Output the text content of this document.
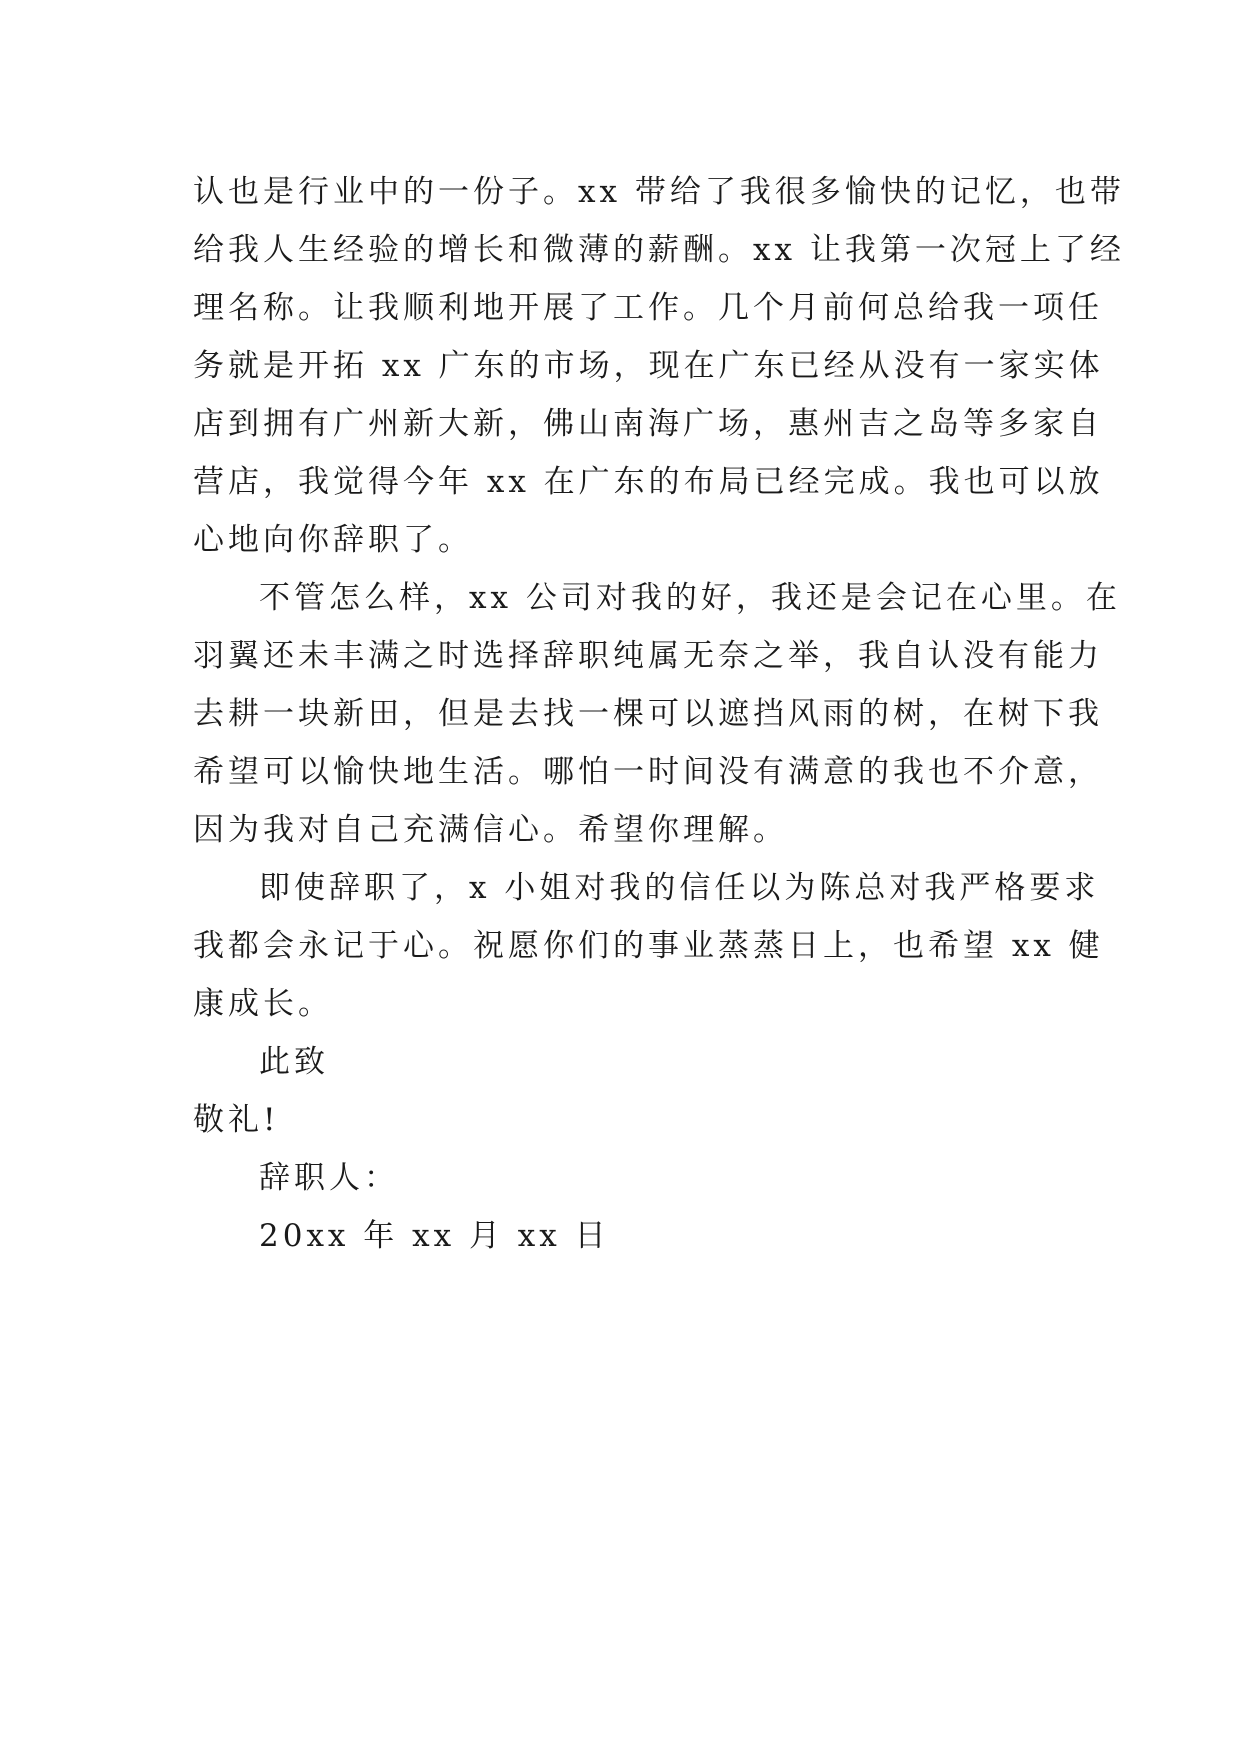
认也是行业中的一份子。xx 带给了我很多愉快的记忆，也带
给我人生经验的增长和微薄的薪酬。xx 让我第一次冠上了经
理名称。让我顺利地开展了工作。几个月前何总给我一项任
务就是开拓 xx 广东的市场，现在广东已经从没有一家实体
店到拥有广州新大新，佛山南海广场，惠州吉之岛等多家自
营店，我觉得今年 xx 在广东的布局已经完成。我也可以放
心地向你辞职了。

不管怎么样，xx 公司对我的好，我还是会记在心里。在
羽翼还未丰满之时选择辞职纯属无奈之举，我自认没有能力
去耕一块新田，但是去找一棵可以遮挡风雨的树，在树下我
希望可以愉快地生活。哪怕一时间没有满意的我也不介意，
因为我对自己充满信心。希望你理解。

即使辞职了，x 小姐对我的信任以为陈总对我严格要求
我都会永记于心。祝愿你们的事业蒸蒸日上，也希望 xx 健
康成长。

此致

敬礼!

辞职人：

20xx 年 xx 月 xx 日
